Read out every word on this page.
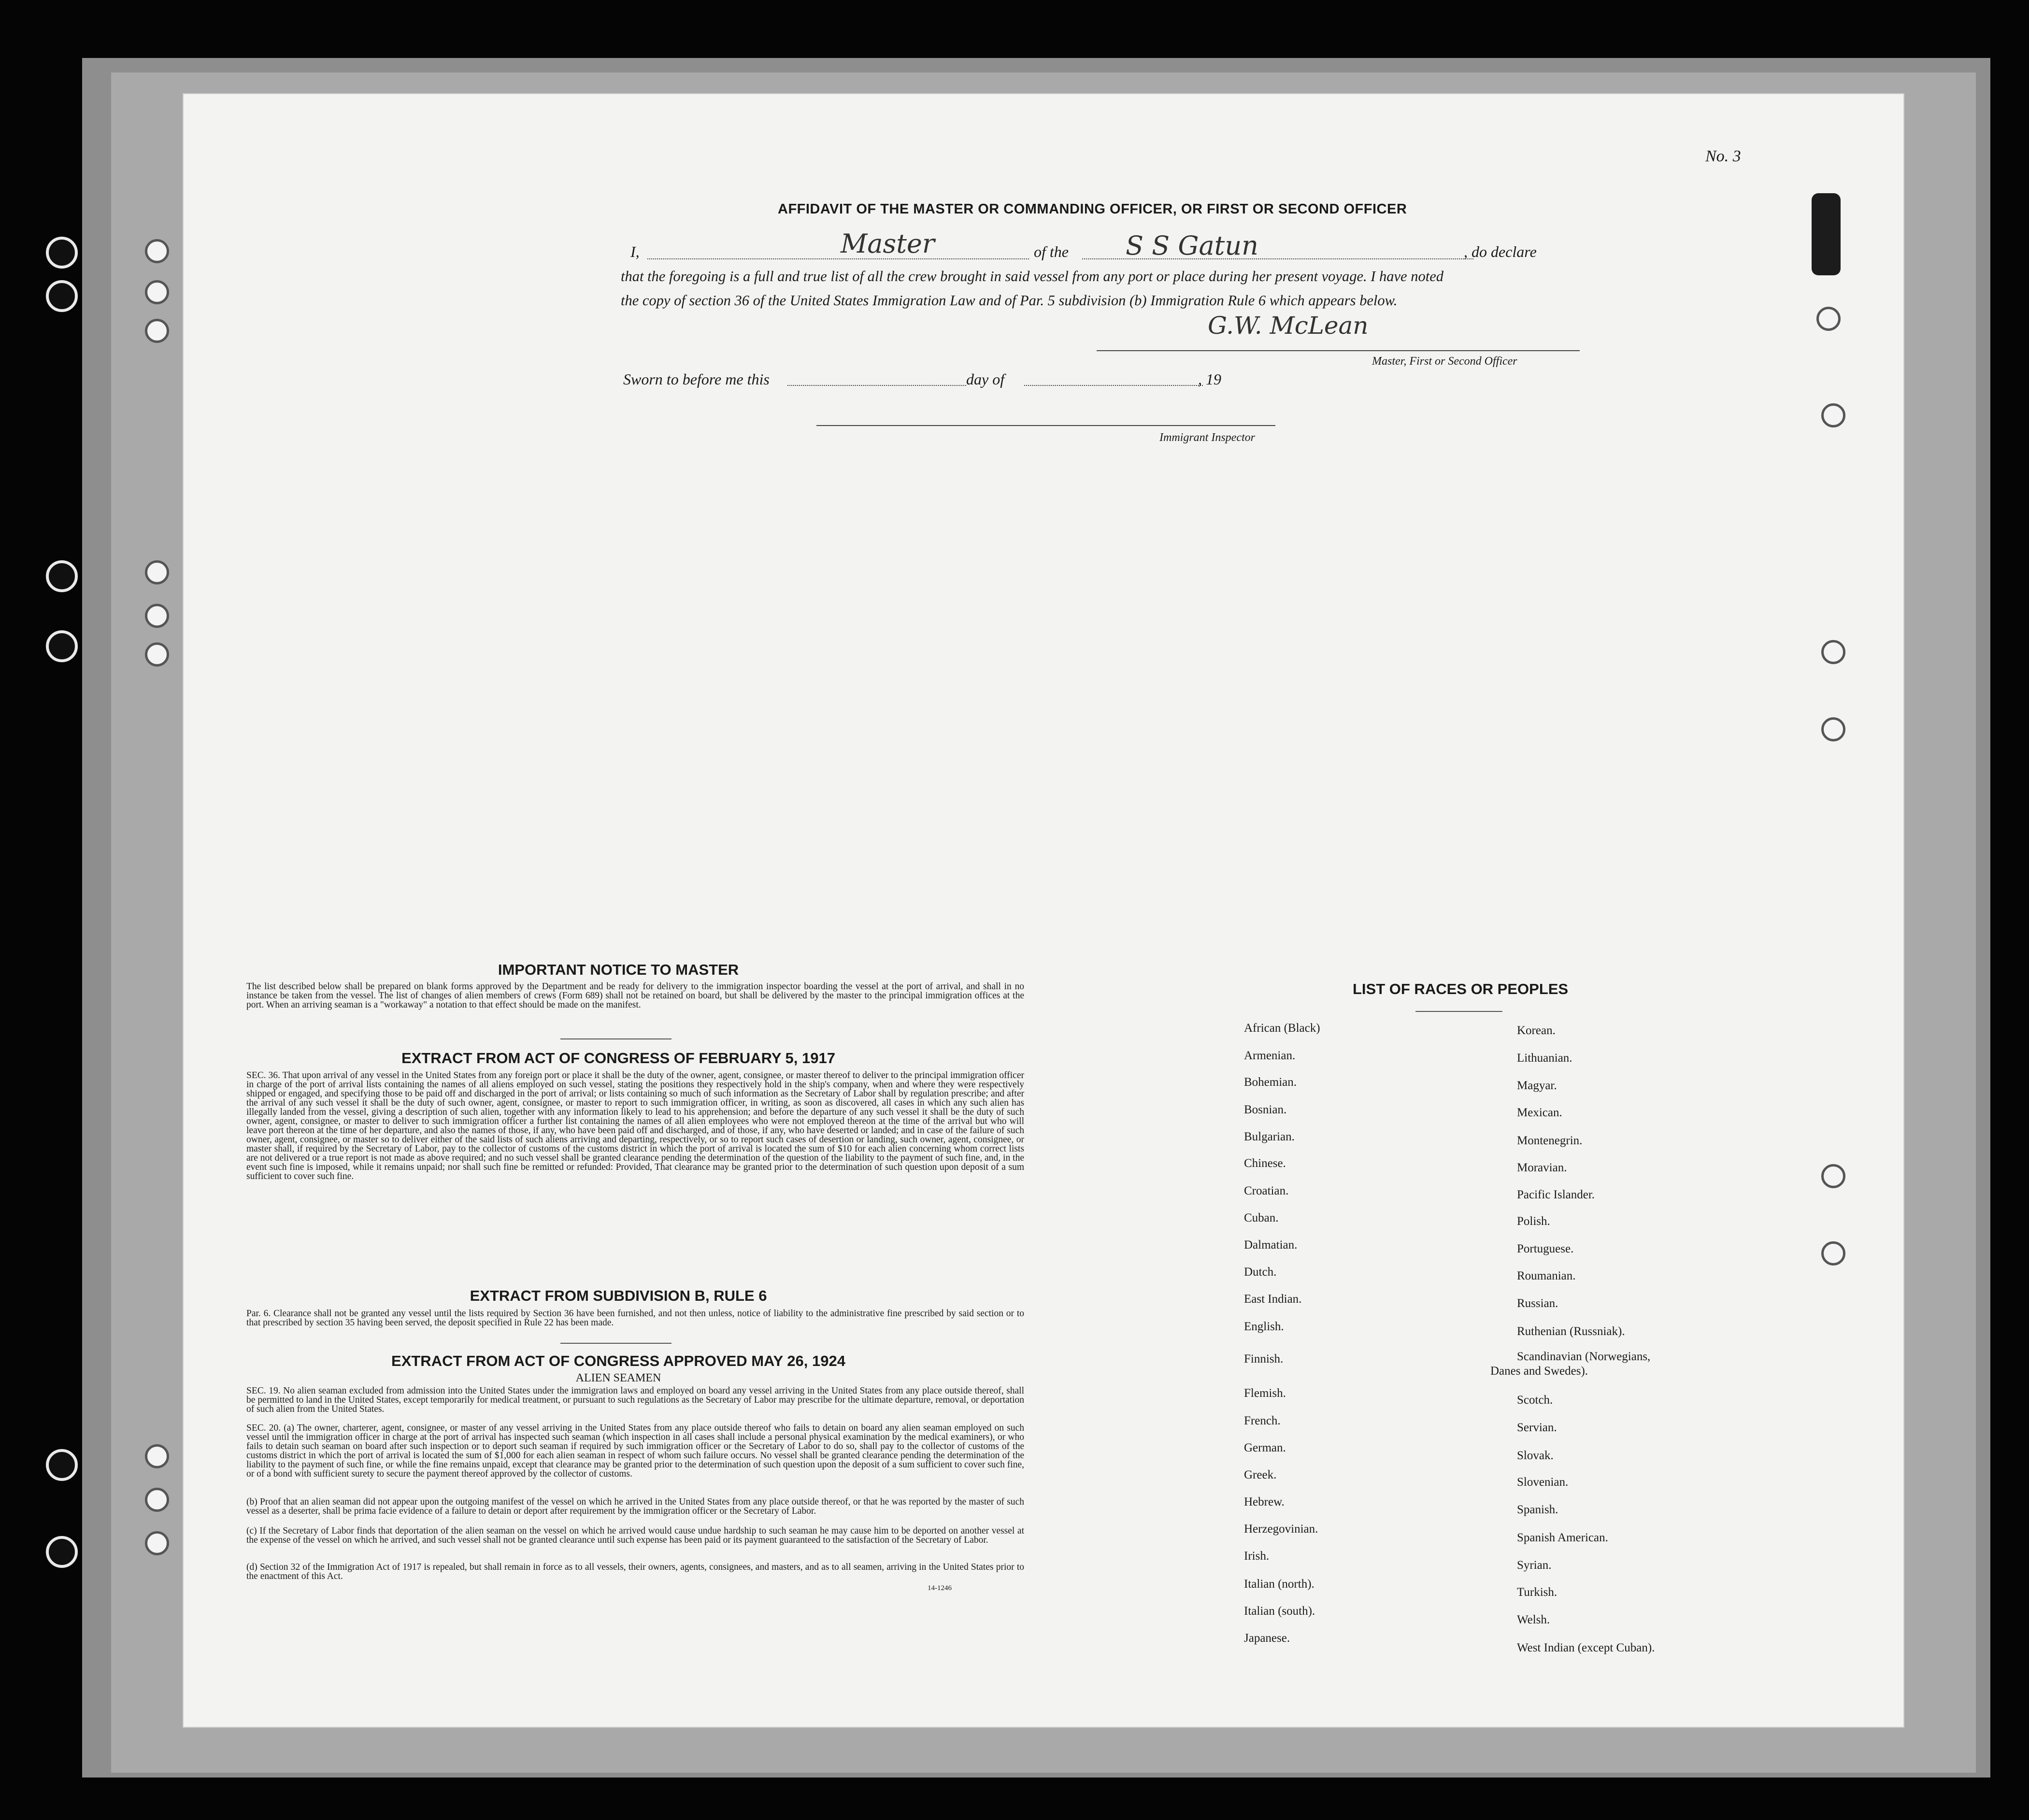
No. 3
AFFIDAVIT OF THE MASTER OR COMMANDING OFFICER, OR FIRST OR SECOND OFFICER
I,	Master	of the S S Gatun	, do declare
that the foregoing is a full and true list of all the crew brought in said vessel from any port or place during her present voyage. I have noted
the copy of section 36 of the United States Immigration Law and of Par. 5 subdivision (b) Immigration Rule 6 which appears below.
G.W. McLean
Master, First or Second Officer
Sworn to before me this	day of	, 19
Immigrant Inspector
IMPORTANT NOTICE TO MASTER
The list described below shall be prepared on blank forms approved by the Department and be ready for delivery to the immigration inspector boarding the vessel at the port of arrival, and shall in no instance be taken from the vessel. The list of changes of alien members of crews (Form 689) shall not be retained on board, but shall be delivered by the master to the principal immigration offices at the port. When an arriving seaman is a "workaway" a notation to that effect should be made on the manifest.
EXTRACT FROM ACT OF CONGRESS OF FEBRUARY 5, 1917
SEC. 36. That upon arrival of any vessel in the United States from any foreign port or place it shall be the duty of the owner, agent, consignee, or master thereof to deliver to the principal immigration officer in charge of the port of arrival lists containing the names of all aliens employed on such vessel, stating the positions they respectively hold in the ship's company, when and where they were respectively shipped or engaged, and specifying those to be paid off and discharged in the port of arrival; or lists containing so much of such information as the Secretary of Labor shall by regulation prescribe; and after the arrival of any such vessel it shall be the duty of such owner, agent, consignee, or master to report to such immigration officer, in writing, as soon as discovered, all cases in which any such alien has illegally landed from the vessel, giving a description of such alien, together with any information likely to lead to his apprehension; and before the departure of any such vessel it shall be the duty of such owner, agent, consignee, or master to deliver to such immigration officer a further list containing the names of all alien employees who were not employed thereon at the time of the arrival but who will leave port thereon at the time of her departure, and also the names of those, if any, who have been paid off and discharged, and of those, if any, who have deserted or landed; and in case of the failure of such owner, agent, consignee, or master so to deliver either of the said lists of such aliens arriving and departing, respectively, or so to report such cases of desertion or landing, such owner, agent, consignee, or master shall, if required by the Secretary of Labor, pay to the collector of customs of the customs district in which the port of arrival is located the sum of $10 for each alien concerning whom correct lists are not delivered or a true report is not made as above required; and no such vessel shall be granted clearance pending the determination of the question of the liability to the payment of such fine, and, in the event such fine is imposed, while it remains unpaid; nor shall such fine be remitted or refunded: Provided, That clearance may be granted prior to the determination of such question upon deposit of a sum sufficient to cover such fine.
EXTRACT FROM SUBDIVISION B, RULE 6
Par. 6. Clearance shall not be granted any vessel until the lists required by Section 36 have been furnished, and not then unless, notice of liability to the administrative fine prescribed by said section or to that prescribed by section 35 having been served, the deposit specified in Rule 22 has been made.
EXTRACT FROM ACT OF CONGRESS APPROVED MAY 26, 1924
ALIEN SEAMEN
SEC. 19. No alien seaman excluded from admission into the United States under the immigration laws and employed on board any vessel arriving in the United States from any place outside thereof, shall be permitted to land in the United States, except temporarily for medical treatment, or pursuant to such regulations as the Secretary of Labor may prescribe for the ultimate departure, removal, or deportation of such alien from the United States.
SEC. 20. (a) The owner, charterer, agent, consignee, or master of any vessel arriving in the United States from any place outside thereof who fails to detain on board any alien seaman employed on such vessel until the immigration officer in charge at the port of arrival has inspected such seaman (which inspection in all cases shall include a personal physical examination by the medical examiners), or who fails to detain such seaman on board after such inspection or to deport such seaman if required by such immigration officer or the Secretary of Labor to do so, shall pay to the collector of customs of the customs district in which the port of arrival is located the sum of $1,000 for each alien seaman in respect of whom such failure occurs. No vessel shall be granted clearance pending the determination of the liability to the payment of such fine, or while the fine remains unpaid, except that clearance may be granted prior to the determination of such question upon the deposit of a sum sufficient to cover such fine, or of a bond with sufficient surety to secure the payment thereof approved by the collector of customs.
(b) Proof that an alien seaman did not appear upon the outgoing manifest of the vessel on which he arrived in the United States from any place outside thereof, or that he was reported by the master of such vessel as a deserter, shall be prima facie evidence of a failure to detain or deport after requirement by the immigration officer or the Secretary of Labor.
(c) If the Secretary of Labor finds that deportation of the alien seaman on the vessel on which he arrived would cause undue hardship to such seaman he may cause him to be deported on another vessel at the expense of the vessel on which he arrived, and such vessel shall not be granted clearance until such expense has been paid or its payment guaranteed to the satisfaction of the Secretary of Labor.
(d) Section 32 of the Immigration Act of 1917 is repealed, but shall remain in force as to all vessels, their owners, agents, consignees, and masters, and as to all seamen, arriving in the United States prior to the enactment of this Act.
14-1246
LIST OF RACES OR PEOPLES
African (Black)
Armenian.
Bohemian.
Bosnian.
Bulgarian.
Chinese.
Croatian.
Cuban.
Dalmatian.
Dutch.
East Indian.
English.
Finnish.
Flemish.
French.
German.
Greek.
Hebrew.
Herzegovinian.
Irish.
Italian (north).
Italian (south).
Japanese.
Korean.
Lithuanian.
Magyar.
Mexican.
Montenegrin.
Moravian.
Pacific Islander.
Polish.
Portuguese.
Roumanian.
Russian.
Ruthenian (Russniak).
Scandinavian (Norwegians,
Danes and Swedes).
Scotch.
Servian.
Slovak.
Slovenian.
Spanish.
Spanish American.
Syrian.
Turkish.
Welsh.
West Indian (except Cuban).
